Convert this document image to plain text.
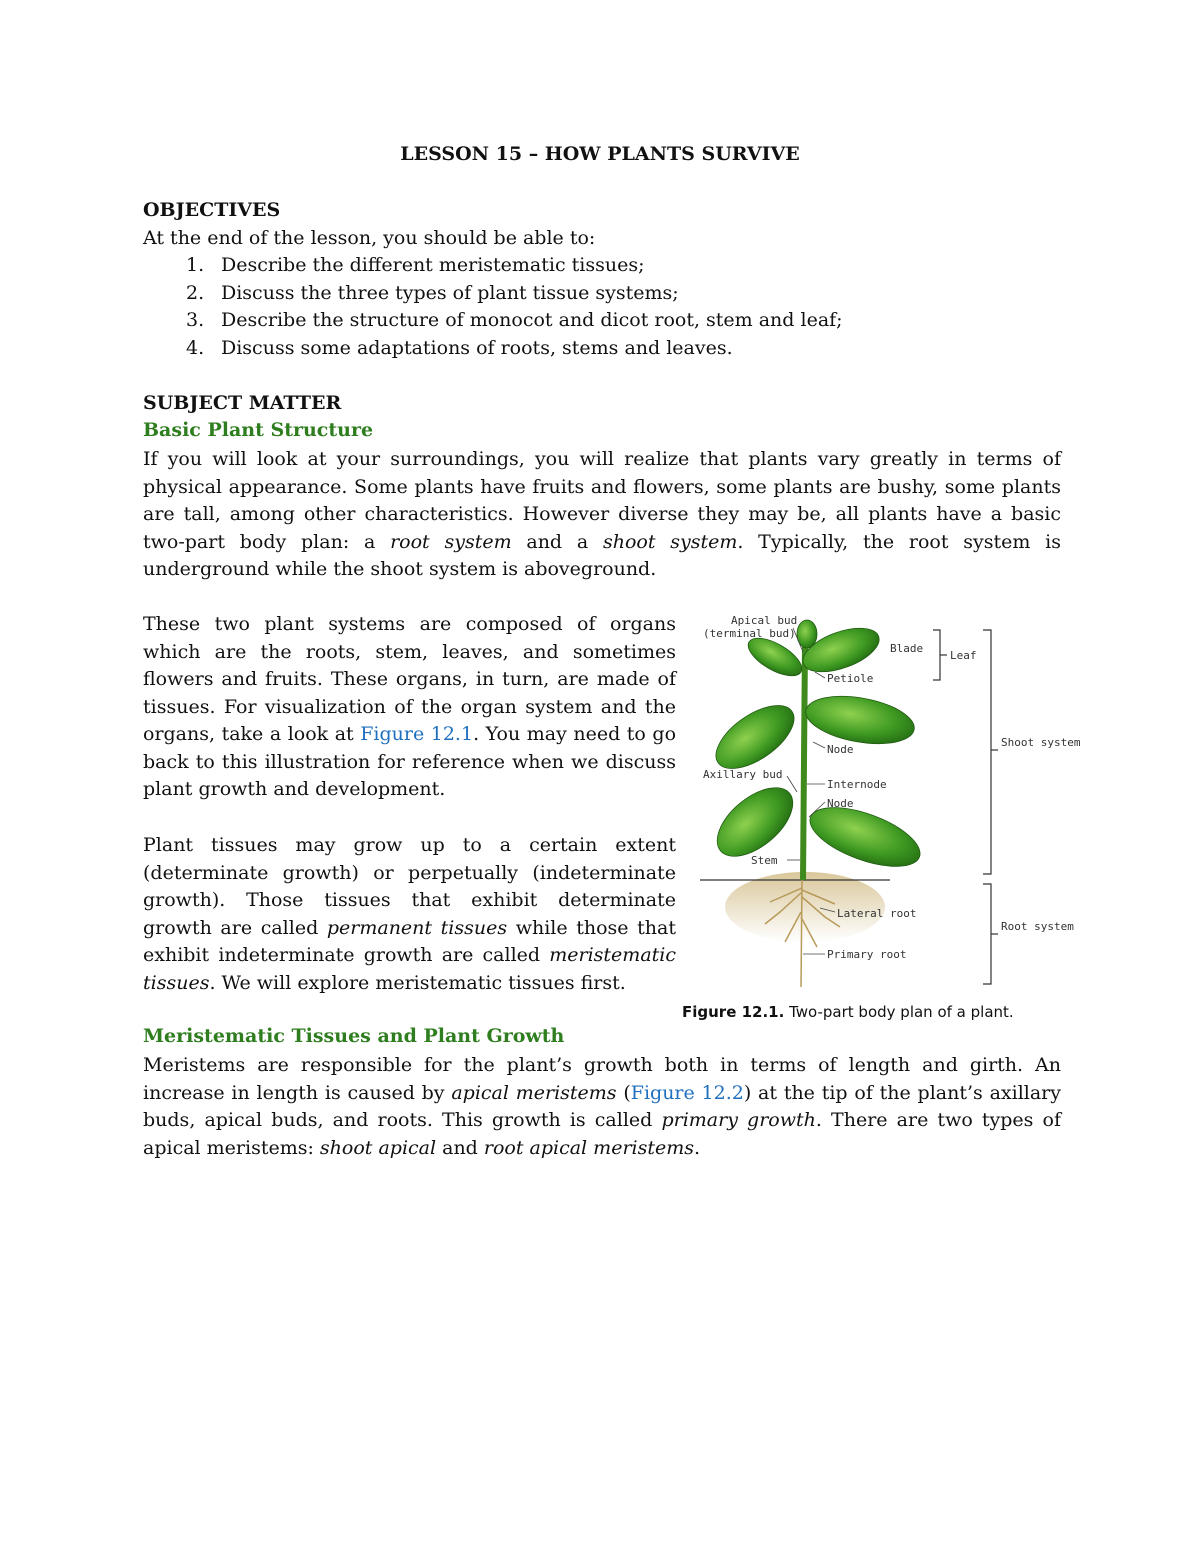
LESSON 15 – HOW PLANTS SURVIVE
OBJECTIVES
At the end of the lesson, you should be able to:
1. Describe the different meristematic tissues;
2. Discuss the three types of plant tissue systems;
3. Describe the structure of monocot and dicot root, stem and leaf;
4. Discuss some adaptations of roots, stems and leaves.
SUBJECT MATTER
Basic Plant Structure
If you will look at your surroundings, you will realize that plants vary greatly in terms of physical appearance. Some plants have fruits and flowers, some plants are bushy, some plants are tall, among other characteristics. However diverse they may be, all plants have a basic two-part body plan: a root system and a shoot system. Typically, the root system is underground while the shoot system is aboveground.
These two plant systems are composed of organs which are the roots, stem, leaves, and sometimes flowers and fruits. These organs, in turn, are made of tissues. For visualization of the organ system and the organs, take a look at Figure 12.1. You may need to go back to this illustration for reference when we discuss plant growth and development.
Plant tissues may grow up to a certain extent (determinate growth) or perpetually (indeterminate growth). Those tissues that exhibit determinate growth are called permanent tissues while those that exhibit indeterminate growth are called meristematic tissues. We will explore meristematic tissues first.
Meristematic Tissues and Plant Growth
Meristems are responsible for the plant’s growth both in terms of length and girth. An increase in length is caused by apical meristems (Figure 12.2) at the tip of the plant’s axillary buds, apical buds, and roots. This growth is called primary growth. There are two types of apical meristems: shoot apical and root apical meristems.
Apical bud
(terminal bud)
Blade
Leaf
Petiole
Node
Axillary bud
Internode
Node
Stem
Shoot system
Lateral root
Primary root
Root system
Figure 12.1. Two-part body plan of a plant.
